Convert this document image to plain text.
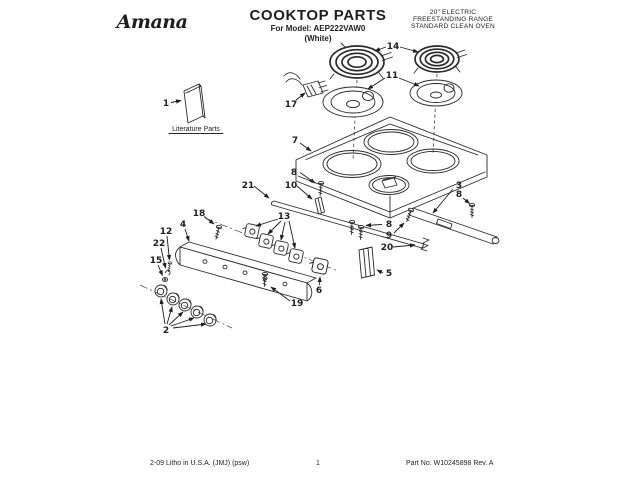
Amana	COOKTOP PARTS
For Model: AEP222VAW0
(White)
20" ELECTRIC
FREESTANDING RANGE
STANDARD CLEAN OVEN
Literature Parts
1	17
7
11
14
21
8
10	3
8
9
20
5
8
4
18
19
13
6
2
12
22
15
2-09 Litho in U.S.A. (JMJ) (psw)	1	Part No. W10245898 Rev. A
